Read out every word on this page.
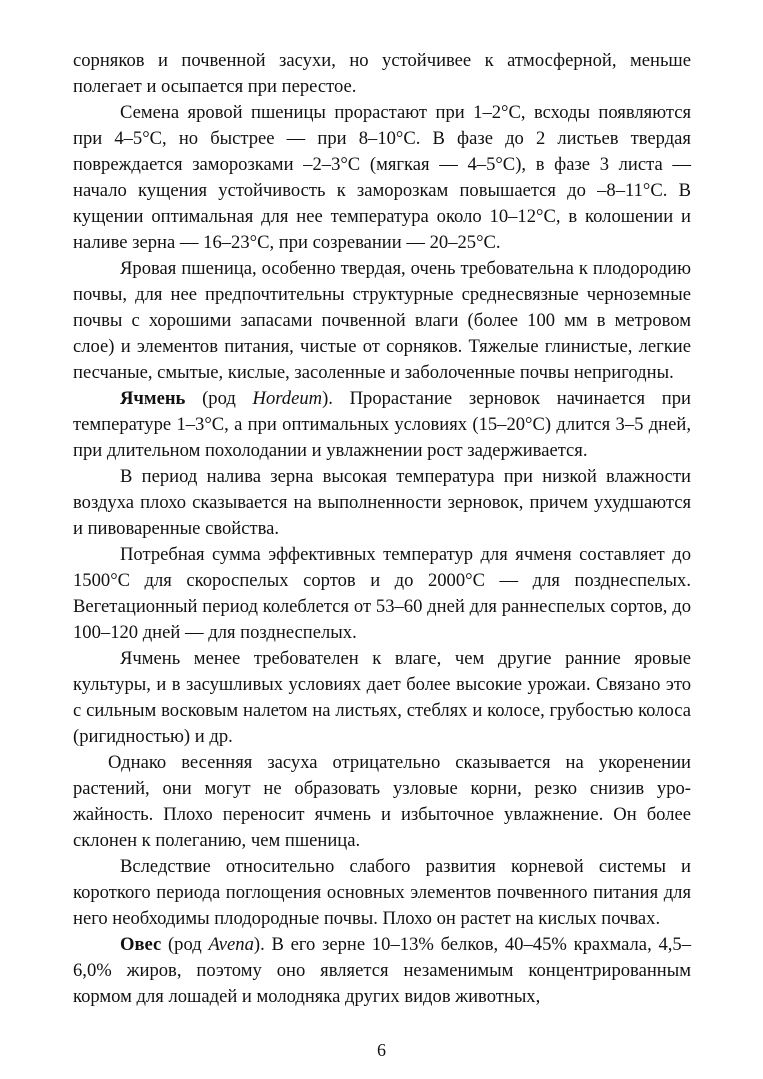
сорняков и почвенной засухи, но устойчивее к атмосферной, меньше полегает и осыпается при перестое.

Семена яровой пшеницы прорастают при 1–2°С, всходы появляются при 4–5°С, но быстрее — при 8–10°С. В фазе до 2 листьев твердая повреждается заморозками –2–3°С (мягкая — 4–5°С), в фазе 3 листа — начало кущения устойчивость к заморозкам повышается до –8–11°С. В кущении оптимальная для нее температура около 10–12°С, в колошении и наливе зерна — 16–23°С, при созревании — 20–25°С.

Яровая пшеница, особенно твердая, очень требовательна к плодородию почвы, для нее предпочтительны структурные среднесвязные черноземные почвы с хорошими запасами почвенной влаги (более 100 мм в метровом слое) и элементов питания, чистые от сорняков. Тяжелые глинистые, легкие песчаные, смытые, кислые, засоленные и заболоченные почвы непригодны.

Ячмень (род Hordeum). Прорастание зерновок начинается при температуре 1–3°С, а при оптимальных условиях (15–20°С) длится 3–5 дней, при длительном похолодании и увлажнении рост задерживается.

В период налива зерна высокая температура при низкой влажности воздуха плохо сказывается на выполненности зерновок, причем ухудшаются и пивоваренные свойства.

Потребная сумма эффективных температур для ячменя составляет до 1500°С для скороспелых сортов и до 2000°С — для позднеспелых. Вегетационный период колеблется от 53–60 дней для раннеспелых сортов, до 100–120 дней — для позднеспелых.

Ячмень менее требователен к влаге, чем другие ранние яровые культуры, и в засушливых условиях дает более высокие урожаи. Связано это с сильным восковым налетом на листьях, стеблях и колосе, грубостью колоса (ригидностью) и др.

Однако весенняя засуха отрицательно сказывается на укоренении растений, они могут не образовать узловые корни, резко снизив урожайность. Плохо переносит ячмень и избыточное увлажнение. Он более склонен к полеганию, чем пшеница.

Вследствие относительно слабого развития корневой системы и короткого периода поглощения основных элементов почвенного питания для него необходимы плодородные почвы. Плохо он растет на кислых почвах.

Овес (род Avena). В его зерне 10–13% белков, 40–45% крахмала, 4,5–6,0% жиров, поэтому оно является незаменимым концентрированным кормом для лошадей и молодняка других видов животных,

6
